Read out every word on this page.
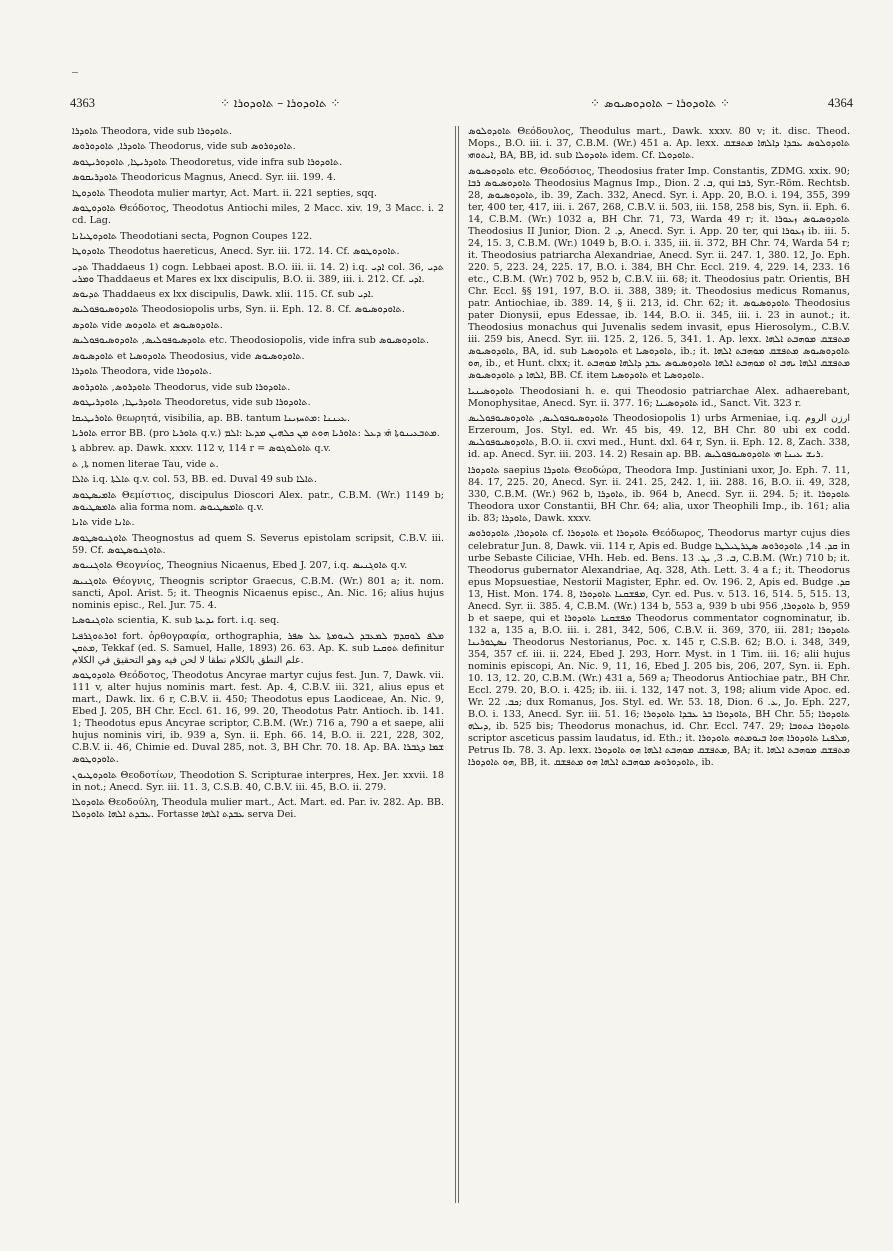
4363	⁘ ܬܐܘܕܘܪܐ – ܬܐܘܕܘܪܐ ⁘	⁘ ܬܐܘܕܘܪܐ – ܬܐܘܕܘܣܝܘܣ ⁘	4364

ܬܐܘܕܪܐ Theodora, vide sub ܬܐܘܕܘܪܐ.

ܬܐܘܕܪܐ, ܬܐܘܕܘܪܘܣ Theodorus, vide sub ܬܐܘܕܘܪܘܣ.

ܬܐܘܕܪܝܛܐ, ܬܐܘܕܘܪܝܛܘܣ Theodoretus, vide infra sub ܬܐܘܕܘܪܐ.

ܬܐܘܕܪܝܩܘܣ Theodoricus Magnus, Anecd. Syr. iii. 199. 4.

ܬܐܘܕܘܛܐ Theodota mulier martyr, Act. Mart. ii. 221 septies, sqq.

ܬܐܘܕܘܛܘܣ Θεόδοτος, Theodotus Antiochi miles, 2 Macc. xiv. 19, 3 Macc. i. 2 cd. Lag.

ܬܐܘܕܘܛܝܐܢܐ Theodotiani secta, Pognon Coupes 122.

ܬܐܘܕܘܛܐ Theodotus haereticus, Anecd. Syr. iii. 172. 14. Cf. ܬܐܘܕܘܛܘܣ.

ܬܕܝ Thaddaeus 1) cogn. Lebbaei apost. B.O. iii. ii. 14. 2) i.q. ܐܕܝ col. 36, ܬܕܝ ܘܡܪܝ Thaddaeus et Mares ex lxx discipulis, B.O. ii. 389, iii. i. 212. Cf. ܐܕܝ.

ܬܕܝܘܣ Thaddaeus ex lxx discipulis, Dawk. xlii. 115. Cf. sub ܐܕܝ.

ܬܐܘܕܘܣܝܘܦܘܠܝܣ Theodosiopolis urbs, Syn. ii. Eph. 12. 8. Cf. ܬܐܘܕܘܣܝܘܣ.

ܬܐܘܕܣ vide ܬܐܘܕܘܣ et ܬܐܘܕܘܣܝܘܣ.

ܬܐܘܕܣܝܘܦܘܠܝܣ, ܬܐܘܕܘܣܝܘܦܘܠܝܣ etc. Theodosiopolis, vide infra sub ܬܐܘܕܘܣܝܘܣ.

ܬܐܘܕܣܝܘܣ et ܬܐܘܕܘܣܝܐ Theodosius, vide ܬܐܘܕܘܣܝܘܣ.

ܬܐܘܕܪܐ Theodora, vide ܬܐܘܕܘܪܐ.

ܬܐܘܕܪܘܣ, ܬܐܘܕܪܘܣ Theodorus, vide sub ܬܐܘܕܘܪܐ.

ܬܐܘܕܪܝܛܐ, ܬܐܘܕܪܝܛܘܣ Theodoretus, vide sub ܬܐܘܕܘܪܐ.

ܬܐܘܪܝܛܝܩܐ θεωρητά, visibilia, ap. BB. tantum ܥܝܢܢܐ :ܡܬܚܙܝܢܐ.

ܬܐܘܪܝܐ error BB. (pro ܬܐܘܪܝܐ q.v.) ܡܬܒܥܝܢܘܬܐ ܗ̇ܝ ܕܥܠ :ܬܐܘܪܝܐ ܗܘܬ ܡܢ ܟܠܗܝܢ ܡܕܥܐ :ܐܠܡ.

ܬܐ abbrev. ap. Dawk. xxxv. 112 v, 114 r = ܬܐܘܠܘܓܘܣ q.v.

ܬܐ, ܬ nomen literae Tau, vide ܬ.

ܬܐܠܐ i.q. ܬܐܠܬܐ q.v. col. 53, BB. ed. Duval 49 sub ܬܐܠܐ.

ܬܐܡܝܣܛܘܣ Θεμίστιος, discipulus Dioscori Alex. patr., C.B.M. (Wr.) 1149 b; ܬܐܡܣܛܝܘܣ alia forma nom. ܬܐܡܣܛܝܘܣ q.v.

ܬܐܢܐ vide ܬܐܢܐ.

ܬܐܘܓܢܘܣܛܘܣ Theognostus ad quem S. Severus epistolam scripsit, C.B.V. iii. 59. Cf. ܬܐܘܓܢܘܣܛܘܣ.

ܬܐܘܓܢܝܘܣ Θεογνίος, Theognius Nicaenus, Ebed J. 207, i.q. ܬܐܘܓܢܝܣ q.v.

ܬܐܘܓܢܝܣ Θέογνις, Theognis scriptor Graecus, C.B.M. (Wr.) 801 a; it. nom. sancti, Apol. Arist. 5; it. Theognis Nicaenus episc., An. Nic. 16; alius hujus nominis episc., Rel. Jur. 75. 4.

ܬܐܘܓܢܘܣܝܐ scientia, K. sub ܝܕܥܬܐ fort. i.q. seq.

ܐܘܪܬܘܓܪܦܝܐ fort. ὀρθογραφία, orthographia, ܡܠܦ ܠܘܩܕܡ ܠܡܥܒܕ ܠܚܘܡܬܐ ܥܠ ܣܦܪ ܡܬܩܢ, Tekkaf (ed. S. Samuel, Halle, 1893) 26. 63. Ap. K. sub ܬܘܩܢܐ definitur علم النطق بالكلام نطقا لا لحن فيه وهو التحقيق في الكلام.

ܬܐܘܕܘܛܘܣ Θεόδοτος, Theodotus Ancyrae martyr cujus fest. Jun. 7, Dawk. vii. 111 v, alter hujus nominis mart. fest. Ap. 4, C.B.V. iii. 321, alius epus et mart., Dawk. lix. 6 r, C.B.V. ii. 450; Theodotus epus Laodiceae, An. Nic. 9, Ebed J. 205, BH Chr. Eccl. 61. 16, 99. 20, Theodotus Patr. Antioch. ib. 141. 1; Theodotus epus Ancyrae scriptor, C.B.M. (Wr.) 716 a, 790 a et saepe, alii hujus nominis viri, ib. 939 a, Syn. ii. Eph. 66. 14, B.O. ii. 221, 228, 302, C.B.V. ii. 46, Chimie ed. Duval 285, not. 3, BH Chr. 70. 18. Ap. BA. ܫܡܐ ܕܓܒܪܐ ܬܐܘܕܘܛܘܣ.

ܬܐܘܕܘܛܝܘܢ Θεοδοτίων, Theodotion S. Scripturae interpres, Hex. Jer. xxvii. 18 in not.; Anecd. Syr. iii. 11. 3, C.S.B. 40, C.B.V. iii. 45, B.O. ii. 279.

ܬܐܘܕܘܠܐ Θεοδούλη, Theodula mulier mart., Act. Mart. ed. Par. iv. 282. Ap. BB. ܥܒܕܬ ܐܠܗܐ ܬܐܘܕܘܠܐ. Fortasse ܥܒܕܬ ܐܠܗܐ serva Dei.

ܬܐܘܕܘܠܘܣ Θεόδουλος, Theodulus mart., Dawk. xxxv. 80 v; it. disc. Theod. Mops., B.O. iii. i. 37, C.B.M. (Wr.) 451 a. Ap. lexx. ܬܐܘܕܘܠܘܣ ܥܒܕܐ ܕܐܠܗܐ ܡܬܦܫܩ ܐܝܬܘܗܝ, BA, BB, id. sub ܬܐܘܕܘܠܐ idem. Cf. ܬܐܘܕܘܠܐ.

ܬܐܘܕܘܣܝܘܣ etc. Θεοδόσιος, Theodosius frater Imp. Constantis, ZDMG. xxix. 90; ܬܐܘܕܘܣܝܘܣ ܪܒܐ Theodosius Magnus Imp., Dion. ܒ. 2, qui ܪܒܐ, Syr.-Röm. Rechtsb. 28, ܬܐܘܕܘܣܝܘܣ, ib. 39, Zach. 332, Anecd. Syr. i. App. 20, B.O. i. 194, 355, 399 ter, 400 ter, 417, iii. i. 267, 268, C.B.V. ii. 503, iii. 158, 258 bis, Syn. ii. Eph. 6. 14, C.B.M. (Wr.) 1032 a, BH Chr. 71, 73, Warda 49 r; it. ܬܐܘܕܘܣܝܘܣ ܙܥܘܪܐ Theodosius II Junior, Dion. ܕ. 2, Anecd. Syr. i. App. 20 ter, qui ܙܥܘܪܐ ib. iii. 5. 24, 15. 3, C.B.M. (Wr.) 1049 b, B.O. i. 335, iii. ii. 372, BH Chr. 74, Warda 54 r; it. Theodosius patriarcha Alexandriae, Anecd. Syr. ii. 247. 1, 380. 12, Jo. Eph. 220. 5, 223. 24, 225. 17, B.O. i. 384, BH Chr. Eccl. 219. 4, 229. 14, 233. 16 etc., C.B.M. (Wr.) 702 b, 952 b, C.B.V. iii. 68; it. Theodosius patr. Orientis, BH Chr. Eccl. §§ 191, 197, B.O. ii. 388, 389; it. Theodosius medicus Romanus, patr. Antiochiae, ib. 389. 14, § ii. 213, id. Chr. 62; it. ܬܐܘܕܘܣܝܘܣ Theodosius pater Dionysii, epus Edessae, ib. 144, B.O. ii. 345, iii. i. 23 in aunot.; it. Theodosius monachus qui Juvenalis sedem invasit, epus Hierosolym., C.B.V. iii. 259 bis, Anecd. Syr. iii. 125. 2, 126. 5, 341. 1. Ap. lexx. ܡܬܦܫܩ ܡܘܗܒܬ ܐܠܗܐ ܬܐܘܕܘܣܝܘܣ, BA, id. sub ܬܐܘܕܘܣܝܐ et ܬܐܘܕܘܣܝܐ, ib.; it. ܬܐܘܕܘܣܝܘܣ ܡܬܦܫܩ ܡܘܗܒܬ ܐܠܗܐ ܗܘ, ib., et Hunt. clxx; it. ܡܬܦܫܩ ܐܠܗܐ ܝܗܒ ܐܘ ܡܘܗܒܬ ܐܠܗܐ ܬܐܘܕܘܣܝܘܣ ܥܒܕ ܕܐܠܗܐ ܡܘܗܒܬ ܐܠܗܐ ܕ ܬܐܘܕܘܣܝܘܣ, BB. Cf. item ܬܐܘܕܘܣܝܐ et ܬܐܘܕܘܣܝܐ.

ܬܐܘܕܘܣܝܢܝܐ Theodosiani h. e. qui Theodosio patriarchae Alex. adhaerebant, Monophysitae, Anecd. Syr. ii. 377. 16; ܬܐܘܕܘܣܝܢܐ id., Sanct. Vit. 323 r.

ܬܐܘܕܘܣܝܘܦܘܠܝܣ, ܬܐܘܕܘܣܝܘܦܘܠܝܣ Theodosiopolis 1) urbs Armeniae, i.q. ارزن الروم Erzeroum, Jos. Styl. ed. Wr. 45 bis, 49. 12, BH Chr. 80 ubi ex codd. ܬܐܘܕܘܣܝܘܦܘܠܝܣ, B.O. ii. cxvi med., Hunt. dxl. 64 r, Syn. ii. Eph. 12. 8, Zach. 338, id. ap. Anecd. Syr. iii. 203. 14. 2) Resain ap. BB. ܪܝܫ ܥܝܢܐ ܗܝ ܬܐܘܕܘܣܝܘܦܘܠܝܣ.

ܬܐܘܕܘܪܐ saepius ܬܐܘܕܪܐ Θεοδώρα, Theodora Imp. Justiniani uxor, Jo. Eph. 7. 11, 84. 17, 225. 20, Anecd. Syr. ii. 241. 25, 242. 1, iii. 288. 16, B.O. ii. 49, 328, 330, C.B.M. (Wr.) 962 b, ܬܐܘܕܪܐ, ib. 964 b, Anecd. Syr. ii. 294. 5; it. ܬܐܘܕܘܪܐ Theodora uxor Constantii, BH Chr. 64; alia, uxor Theophili Imp., ib. 161; alia ib. 83; ܬܐܘܕܪܐ, Dawk. xxxv.

ܬܐܘܕܘܪܐ, ܬܐܘܕܘܪܘܣ cf. ܬܐܘܕܘܪܐ et ܬܐܘܕܘܪܐ Θεόδωρος, Theodorus martyr cujus dies celebratur Jun. 8, Dawk. vii. 114 r, Apis ed. Budge ܩܕ. 14, ܬܐܘܕܘܪܘܣ ܣܛܪܛܝܠܛܐ in urbe Sebaste Ciliciae, VHh. Heb. ed. Bens. ܒ. 3, ܝܓ. 13, C.B.M. (Wr.) 710 b; it. Theodorus gubernator Alexandriae, Aq. 328, Ath. Lett. 3. 4 a f.; it. Theodorus epus Mopsuestiae, Nestorii Magister, Ephr. ed. Ov. 196. 2, Apis ed. Budge ܩܕ. 13, Hist. Mon. 174. 8, ܡܦܫܩܢܐ ܬܐܘܕܘܪܐ, Cyr. ed. Pus. v. 513. 16, 514. 5, 515. 13, Anecd. Syr. ii. 385. 4, C.B.M. (Wr.) 134 b, 553 a, 939 b ubi ܬܐܘܕܘܪܐ, 956 b, 959 b et saepe, qui et ܡܦܫܩܢܐ ܬܐܘܕܘܪܐ Theodorus commentator cognominatur, ib. 132 a, 135 a, B.O. iii. i. 281, 342, 506, C.B.V. ii. 369, 370, iii. 281; ܬܐܘܕܘܪܐ ܢܣܛܘܪܝܢܐ Theodorus Nestorianus, Poc. x. 145 r, C.S.B. 62; B.O. i. 348, 349, 354, 357 cf. iii. ii. 224, Ebed J. 293, Horr. Myst. in 1 Tim. iii. 16; alii hujus nominis episcopi, An. Nic. 9, 11, 16, Ebed J. 205 bis, 206, 207, Syn. ii. Eph. 10. 13, 12. 20, C.B.M. (Wr.) 431 a, 569 a; Theodorus Antiochiae patr., BH Chr. Eccl. 279. 20, B.O. i. 425; ib. iii. i. 132, 147 not. 3, 198; alium vide Apoc. ed. Wr. ܟܒ. 22; dux Romanus, Jos. Styl. ed. Wr. 53. 18, Dion. ܥ. 6, Jo. Eph. 227, B.O. i. 133, Anecd. Syr. iii. 51. 16; ܬܐܘܕܘܪܐ ܒܪ ܥܒܕܐ ܬܐܘܕܘܪܐ, BH Chr. 55; ܬܐܘܕܘܪܐ ܕܝܠܗ, ib. 525 bis; Theodorus monachus, id. Chr. Eccl. 747. 29; ܬܐܘܕܘܪܐ ܟܬܘܒܐ scriptor asceticus passim laudatus, id. Eth.; it. ܡܠܦܢܐ ܬܐܘܕܘܪܐ ܗܘܐ ܒܝܘܡܬܗ ܬܐܘܕܘܪܐ, Petrus Ib. 78. 3. Ap. lexx. ܡܬܦܫܩ ܡܘܗܒܬ ܐܠܗܐ ܗܘ ܬܐܘܕܘܪܐ, BA; it. ܡܬܦܫܩ ܡܘܗܒܬ ܐܠܗܐ ܗܘ ܬܐܘܕܘܪܐ, BB, it. ܬܐܘܕܘܪܘܣ ܡܘܗܒܬ ܐܠܗܐ ܗܘ ܡܬܦܫܩ, ib.
